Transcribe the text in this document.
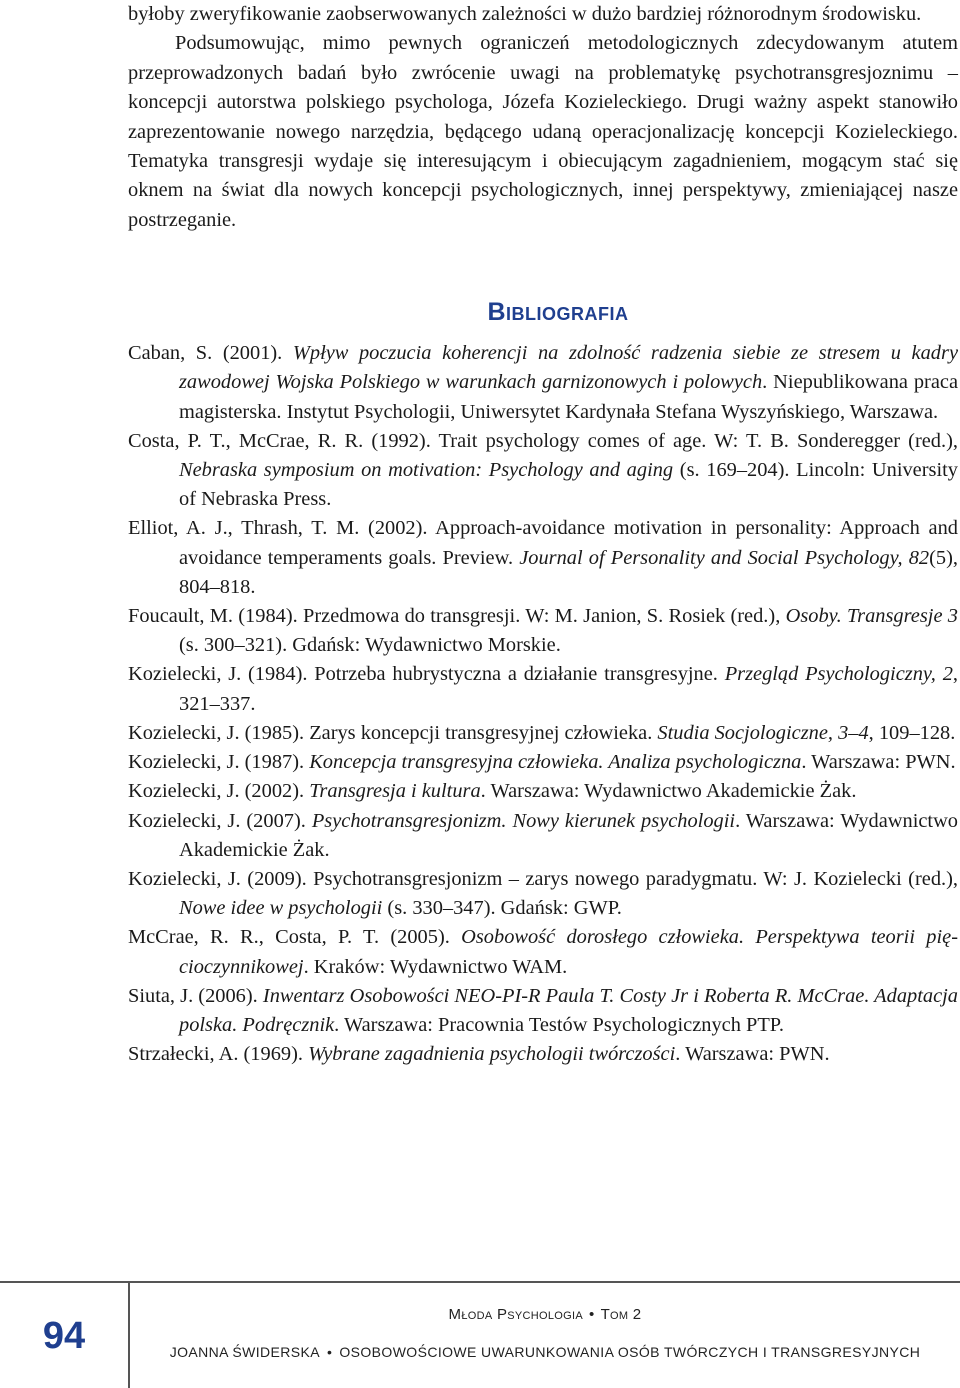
byłoby zweryfikowanie zaobserwowanych zależności w dużo bardziej różnorodnym środowisku.

Podsumowując, mimo pewnych ograniczeń metodologicznych zdecydowanym atutem przeprowadzonych badań było zwrócenie uwagi na problematykę psychotransgresjoznimu – koncepcji autorstwa polskiego psychologa, Józefa Kozieleckiego. Drugi ważny aspekt stanowiło zaprezentowanie nowego narzędzia, będącego udaną operacjonalizację koncepcji Kozieleckiego. Tematyka transgresji wydaje się interesującym i obiecującym zagadnieniem, mogącym stać się oknem na świat dla nowych koncepcji psychologicznych, innej perspektywy, zmieniającej nasze postrzeganie.

Bibliografia

Caban, S. (2001). Wpływ poczucia koherencji na zdolność radzenia siebie ze stresem u kadry zawodowej Wojska Polskiego w warunkach garnizonowych i polowych. Niepublikowana praca magisterska. Instytut Psychologii, Uniwersytet Kardynała Stefana Wyszyńskiego, Warszawa.

Costa, P. T., McCrae, R. R. (1992). Trait psychology comes of age. W: T. B. Sonderegger (red.), Nebraska symposium on motivation: Psychology and aging (s. 169–204). Lincoln: University of Nebraska Press.

Elliot, A. J., Thrash, T. M. (2002). Approach-avoidance motivation in personality: Approach and avoidance temperaments goals. Preview. Journal of Personality and Social Psychology, 82(5), 804–818.

Foucault, M. (1984). Przedmowa do transgresji. W: M. Janion, S. Rosiek (red.), Osoby. Transgresje 3 (s. 300–321). Gdańsk: Wydawnictwo Morskie.

Kozielecki, J. (1984). Potrzeba hubrystyczna a działanie transgresyjne. Przegląd Psychologiczny, 2, 321–337.

Kozielecki, J. (1985). Zarys koncepcji transgresyjnej człowieka. Studia Socjologiczne, 3–4, 109–128.

Kozielecki, J. (1987). Koncepcja transgresyjna człowieka. Analiza psychologiczna. Warszawa: PWN.

Kozielecki, J. (2002). Transgresja i kultura. Warszawa: Wydawnictwo Akademickie Żak.

Kozielecki, J. (2007). Psychotransgresjonizm. Nowy kierunek psychologii. Warszawa: Wydawnictwo Akademickie Żak.

Kozielecki, J. (2009). Psychotransgresjonizm – zarys nowego paradygmatu. W: J. Kozielecki (red.), Nowe idee w psychologii (s. 330–347). Gdańsk: GWP.

McCrae, R. R., Costa, P. T. (2005). Osobowość dorosłego człowieka. Perspektywa teorii pięcioczynnikowej. Kraków: Wydawnictwo WAM.

Siuta, J. (2006). Inwentarz Osobowości NEO-PI-R Paula T. Costy Jr i Roberta R. McCrae. Adaptacja polska. Podręcznik. Warszawa: Pracownia Testów Psychologicznych PTP.

Strzałecki, A. (1969). Wybrane zagadnienia psychologii twórczości. Warszawa: PWN.

94
Młoda Psychologia • Tom 2
JOANNA ŚWIDERSKA • OSOBOWOŚCIOWE UWARUNKOWANIA OSÓB TWÓRCZYCH I TRANSGRESYJNYCH
